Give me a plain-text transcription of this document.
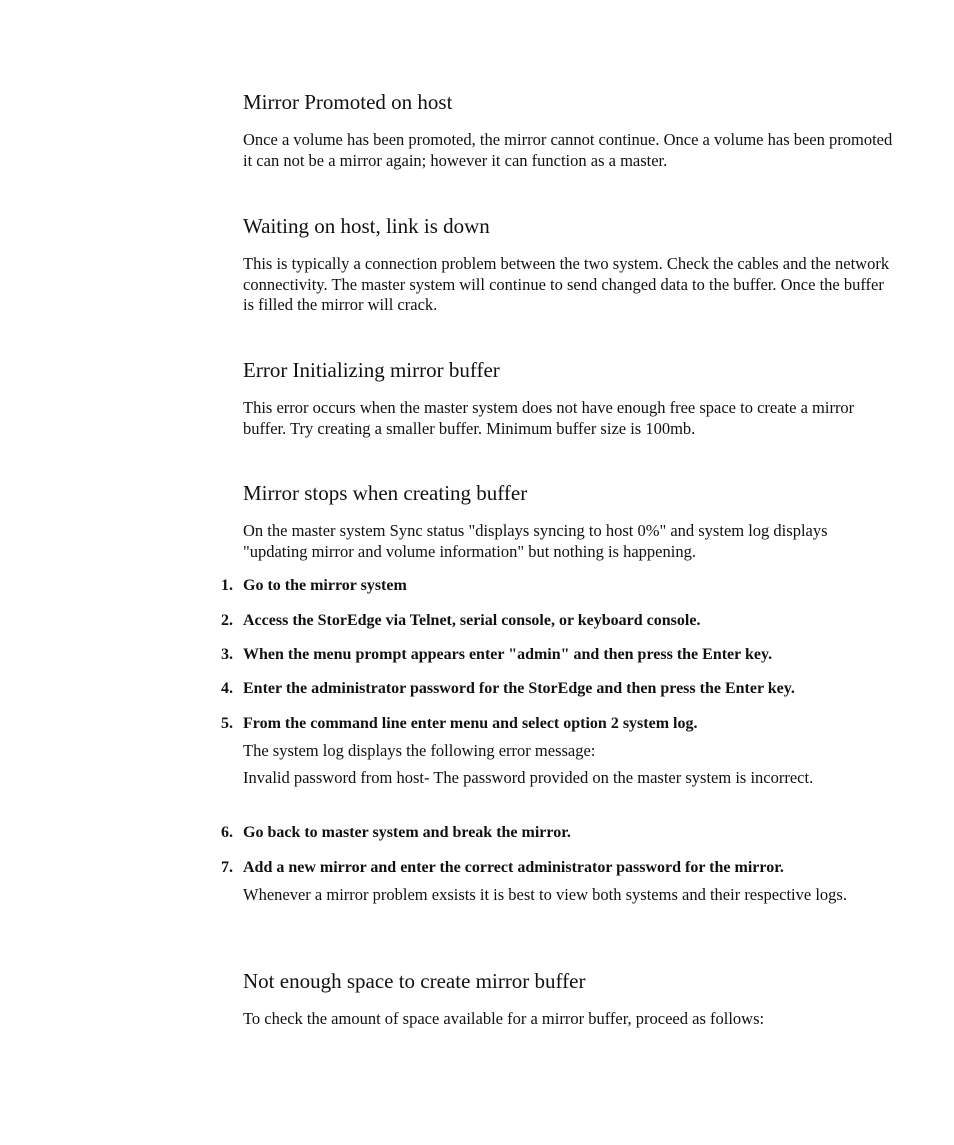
Mirror Promoted on host

Once a volume has been promoted, the mirror cannot continue. Once a volume has been promoted it can not be a mirror again; however it can function as a master.

Waiting on host, link is down

This is typically a connection problem between the two system. Check the cables and the network connectivity. The master system will continue to send changed data to the buffer. Once the buffer is filled the mirror will crack.

Error Initializing mirror buffer

This error occurs when the master system does not have enough free space to create a mirror buffer. Try creating a smaller buffer. Minimum buffer size is 100mb.

Mirror stops when creating buffer

On the master system Sync status "displays syncing to host 0%" and system log displays "updating mirror and volume information" but nothing is happening.

1. Go to the mirror system
2. Access the StorEdge via Telnet, serial console, or keyboard console.
3. When the menu prompt appears enter "admin" and then press the Enter key.
4. Enter the administrator password for the StorEdge and then press the Enter key.
5. From the command line enter menu and select option 2 system log.

The system log displays the following error message:

Invalid password from host- The password provided on the master system is incorrect.

6. Go back to master system and break the mirror.
7. Add a new mirror and enter the correct administrator password for the mirror.

Whenever a mirror problem exsists it is best to view both systems and their respective logs.

Not enough space to create mirror buffer

To check the amount of space available for a mirror buffer, proceed as follows:
